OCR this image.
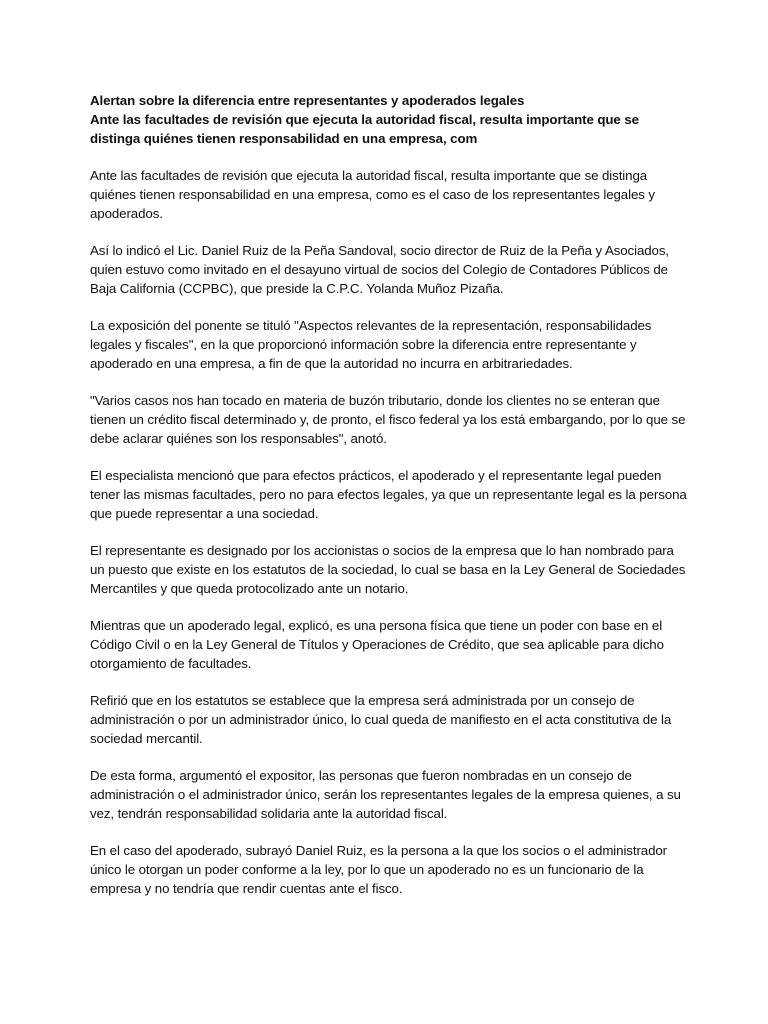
Alertan sobre la diferencia entre representantes y apoderados legales
Ante las facultades de revisión que ejecuta la autoridad fiscal, resulta importante que se distinga quiénes tienen responsabilidad en una empresa, com

Ante las facultades de revisión que ejecuta la autoridad fiscal, resulta importante que se distinga quiénes tienen responsabilidad en una empresa, como es el caso de los representantes legales y apoderados.

Así lo indicó el Lic. Daniel Ruiz de la Peña Sandoval, socio director de Ruiz de la Peña y Asociados, quien estuvo como invitado en el desayuno virtual de socios del Colegio de Contadores Públicos de Baja California (CCPBC), que preside la C.P.C. Yolanda Muñoz Pizaña.

La exposición del ponente se tituló "Aspectos relevantes de la representación, responsabilidades legales y fiscales", en la que proporcionó información sobre la diferencia entre representante y apoderado en una empresa, a fin de que la autoridad no incurra en arbitrariedades.

"Varios casos nos han tocado en materia de buzón tributario, donde los clientes no se enteran que tienen un crédito fiscal determinado y, de pronto, el fisco federal ya los está embargando, por lo que se debe aclarar quiénes son los responsables", anotó.

El especialista mencionó que para efectos prácticos, el apoderado y el representante legal pueden tener las mismas facultades, pero no para efectos legales, ya que un representante legal es la persona que puede representar a una sociedad.

El representante es designado por los accionistas o socios de la empresa que lo han nombrado para un puesto que existe en los estatutos de la sociedad, lo cual se basa en la Ley General de Sociedades Mercantiles y que queda protocolizado ante un notario.

Mientras que un apoderado legal, explicó, es una persona física que tiene un poder con base en el Código Civil o en la Ley General de Títulos y Operaciones de Crédito, que sea aplicable para dicho otorgamiento de facultades.

Refirió que en los estatutos se establece que la empresa será administrada por un consejo de administración o por un administrador único, lo cual queda de manifiesto en el acta constitutiva de la sociedad mercantil.

De esta forma, argumentó el expositor, las personas que fueron nombradas en un consejo de administración o el administrador único, serán los representantes legales de la empresa quienes, a su vez, tendrán responsabilidad solidaria ante la autoridad fiscal.

En el caso del apoderado, subrayó Daniel Ruiz, es la persona a la que los socios o el administrador único le otorgan un poder conforme a la ley, por lo que un apoderado no es un funcionario de la empresa y no tendría que rendir cuentas ante el fisco.
